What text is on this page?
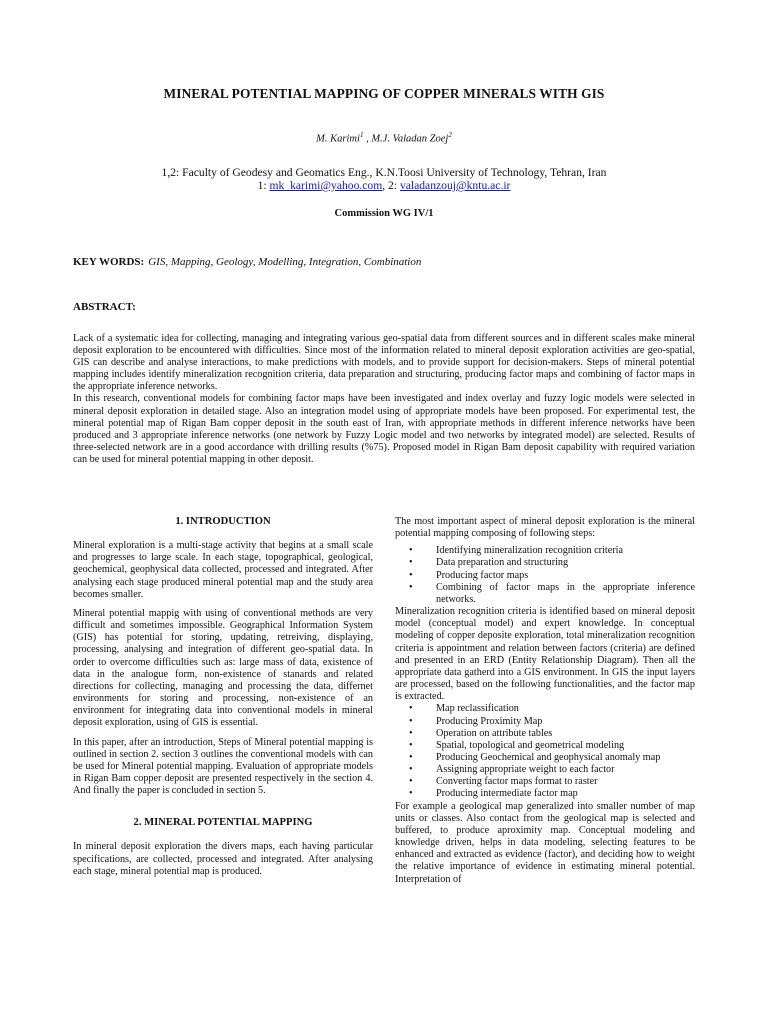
MINERAL POTENTIAL MAPPING OF COPPER MINERALS WITH GIS
M. Karimi$^1$ , M.J. Valadan Zoej$^2$
1,2: Faculty of Geodesy and Geomatics Eng., K.N.Toosi University of Technology, Tehran, Iran
1: mk_karimi@yahoo.com, 2: valadanzouj@kntu.ac.ir
Commission WG IV/1
KEY WORDS: GIS, Mapping, Geology, Modelling, Integration, Combination
ABSTRACT:

Lack of a systematic idea for collecting, managing and integrating various geo-spatial data from different sources and in different scales make mineral deposit exploration to be encountered with difficulties. Since most of the information related to mineral deposit exploration activities are geo-spatial, GIS can describe and analyse interactions, to make predictions with models, and to provide support for decision-makers. Steps of mineral potential mapping includes identify mineralization recognition criteria, data preparation and structuring, producing factor maps and combining of factor maps in the appropriate inference networks.

In this research, conventional models for combining factor maps have been investigated and index overlay and fuzzy logic models were selected in mineral deposit exploration in detailed stage. Also an integration model using of appropriate models have been proposed. For experimental test, the mineral potential map of Rigan Bam copper deposit in the south east of Iran, with appropriate methods in different inference networks have been produced and 3 appropriate inference networks (one network by Fuzzy Logic model and two networks by integrated model) are selected. Results of three-selected network are in a good accordance with drilling results (%75). Proposed model in Rigan Bam deposit capability with required variation can be used for mineral potential mapping in other deposit.

1. INTRODUCTION

Mineral exploration is a multi-stage activity that begins at a small scale and progresses to large scale. In each stage, topographical, geological, geochemical, geophysical data collected, processed and integrated. After analysing each stage produced mineral potential map and the study area becomes smaller.

Mineral potential mappig with using of conventional methods are very difficult and sometimes impossible. Geographical Information System (GIS) has potential for storing, updating, retreiving, displaying, processing, analysing and integration of different geo-spatial data. In order to overcome difficulties such as: large mass of data, existence of data in the analogue form, non-existence of stanards and related directions for collecting, managing and processing the data, differnet environments for storing and processing, non-existence of an environment for integrating data into conventional models in mineral deposit exploration, using of GIS is essential.

In this paper, after an introduction, Steps of Mineral potential mapping is outlined in section 2. section 3 outlines the conventional models with can be used for Mineral potential mapping. Evaluation of appropriate models in Rigan Bam copper deposit are presented respectively in the section 4. And finally the paper is concluded in section 5.

2. MINERAL POTENTIAL MAPPING

In mineral deposit exploration the divers maps, each having particular specifications, are collected, processed and integrated. After analysing each stage, mineral potential map is produced.

The most important aspect of mineral deposit exploration is the mineral potential mapping composing of following steps:

• Identifying mineralization recognition criteria
• Data preparation and structuring
• Producing factor maps
• Combining of factor maps in the appropriate inference networks.

Mineralization recognition criteria is identified based on mineral deposit model (conceptual model) and expert knowledge. In conceptual modeling of copper deposite exploration, total mineralization recognition criteria is appointment and relation between factors (criteria) are defined and presented in an ERD (Entity Relationship Diagram). Then all the appropriate data gatherd into a GIS environment. In GIS the input layers are processed, based on the following functionalities, and the factor map is extracted.

• Map reclassification
• Producing Proximity Map
• Operation on attribute tables
• Spatial, topological and geometrical modeling
• Producing Geochemical and geophysical anomaly map
• Assigning appropriate weight to each factor
• Converting factor maps format to raster
• Producing intermediate factor map

For example a geological map generalized into smaller number of map units or classes. Also contact from the geological map is selected and buffered, to produce aproximity map. Conceptual modeling and knowledge driven, helps in data modeling, selecting features to be enhanced and extracted as evidence (factor), and deciding how to weight the relative importance of evidence in estimating mineral potential. Interpretation of
